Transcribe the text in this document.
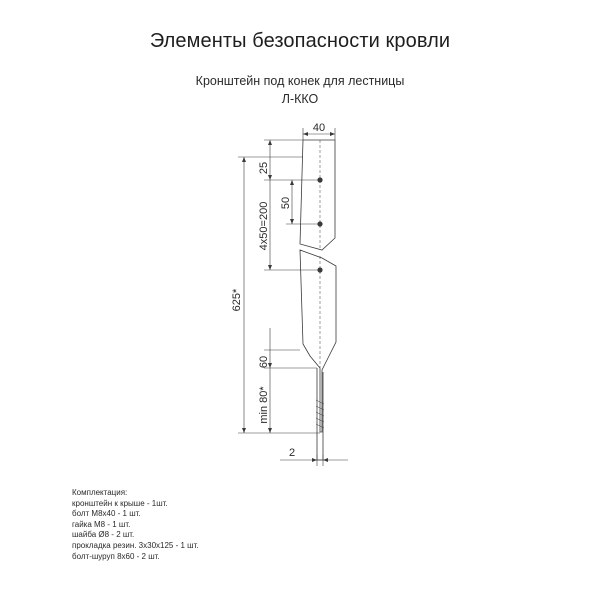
Элементы безопасности кровли
Кронштейн под конек для лестницы
Л-ККО
40
25
50
4x50=200
625*
60
min 80*
2
Комплектация:
кронштейн к крыше - 1шт.
болт М8х40 - 1 шт.
гайка М8 - 1 шт.
шайба Ø8 - 2 шт.
прокладка резин. 3х30х125 - 1 шт.
болт-шуруп 8х60 - 2 шт.
